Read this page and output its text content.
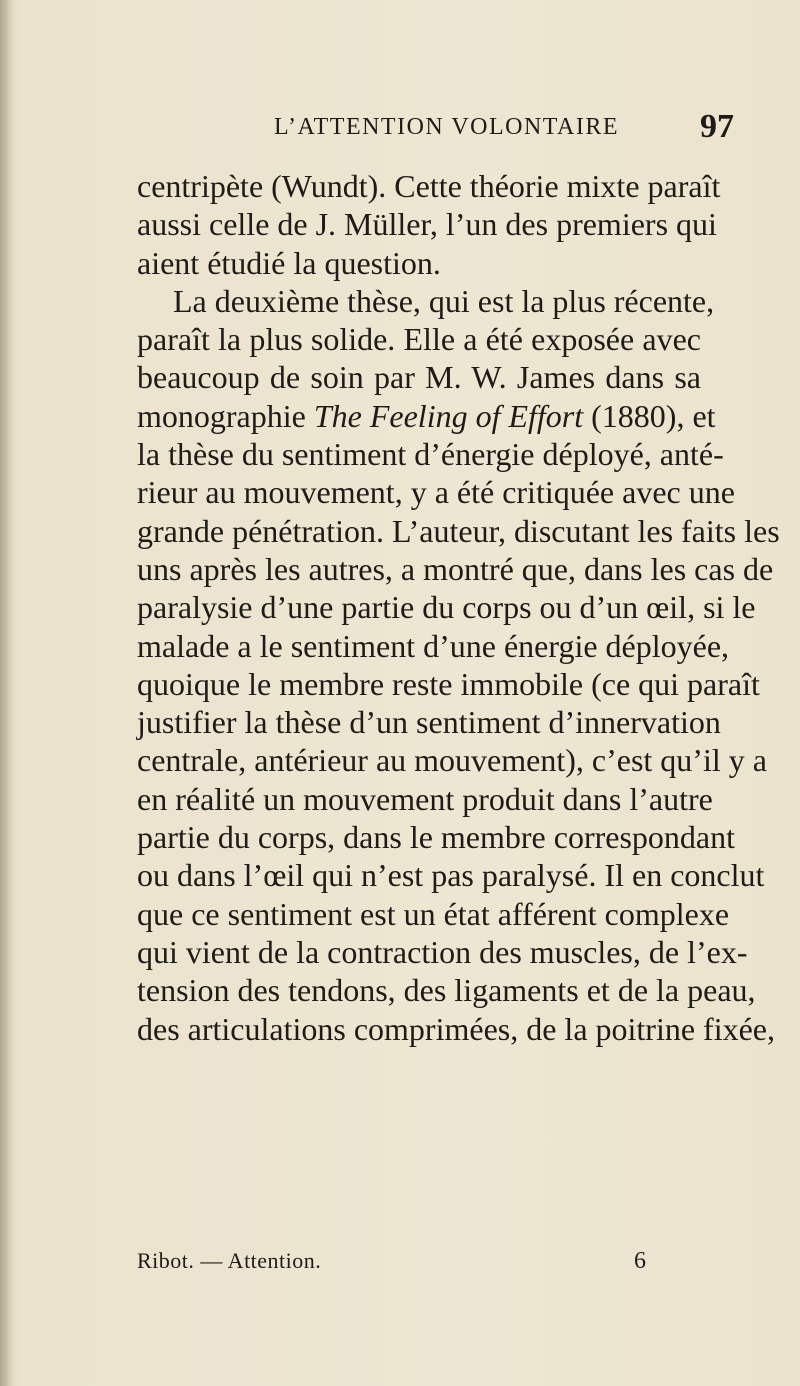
L’ATTENTION VOLONTAIRE 97
centripète (Wundt). Cette théorie mixte paraît
aussi celle de J. Müller, l’un des premiers qui
aient étudié la question.
La deuxième thèse, qui est la plus récente,
paraît la plus solide. Elle a été exposée avec
beaucoup de soin par M. W. James dans sa
monographie The Feeling of Effort (1880), et
la thèse du sentiment d’énergie déployé, anté-
rieur au mouvement, y a été critiquée avec une
grande pénétration. L’auteur, discutant les faits les
uns après les autres, a montré que, dans les cas de
paralysie d’une partie du corps ou d’un œil, si le
malade a le sentiment d’une énergie déployée,
quoique le membre reste immobile (ce qui paraît
justifier la thèse d’un sentiment d’innervation
centrale, antérieur au mouvement), c’est qu’il y a
en réalité un mouvement produit dans l’autre
partie du corps, dans le membre correspondant
ou dans l’œil qui n’est pas paralysé. Il en conclut
que ce sentiment est un état afférent complexe
qui vient de la contraction des muscles, de l’ex-
tension des tendons, des ligaments et de la peau,
des articulations comprimées, de la poitrine fixée,
Ribot. — Attention.	6
